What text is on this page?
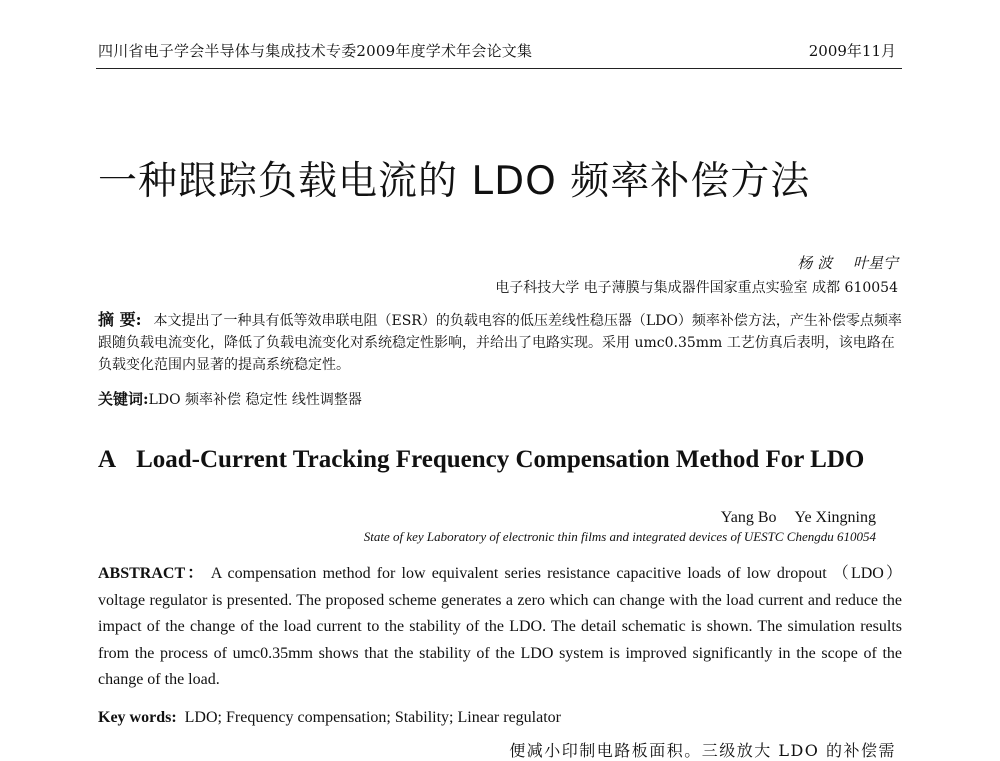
四川省电子学会半导体与集成技术专委2009年度学术年会论文集	2009年11月
一种跟踪负载电流的 LDO 频率补偿方法
杨 波 叶星宁
电子科技大学 电子薄膜与集成器件国家重点实验室 成都 610054
摘 要: 本文提出了一种具有低等效串联电阻（ESR）的负载电容的低压差线性稳压器（LDO）频率补偿方法，产生补偿零点频率跟随负载电流变化，降低了负载电流变化对系统稳定性影响，并给出了电路实现。采用 umc0.35mm 工艺仿真后表明，该电路在负载变化范围内显著的提高系统稳定性。
关键词:LDO 频率补偿 稳定性 线性调整器
A Load-Current Tracking Frequency Compensation Method For LDO
Yang Bo Ye Xingning
State of key Laboratory of electronic thin films and integrated devices of UESTC Chengdu 610054
ABSTRACT： A compensation method for low equivalent series resistance capacitive loads of low dropout （LDO） voltage regulator is presented. The proposed scheme generates a zero which can change with the load current and reduce the impact of the change of the load current to the stability of the LDO. The detail schematic is shown. The simulation results from the process of umc0.35mm shows that the stability of the LDO system is improved significantly in the scope of the change of the load.
Key words: LDO; Frequency compensation; Stability; Linear regulator
便减小印制电路板面积。三级放大 LDO 的补偿需
